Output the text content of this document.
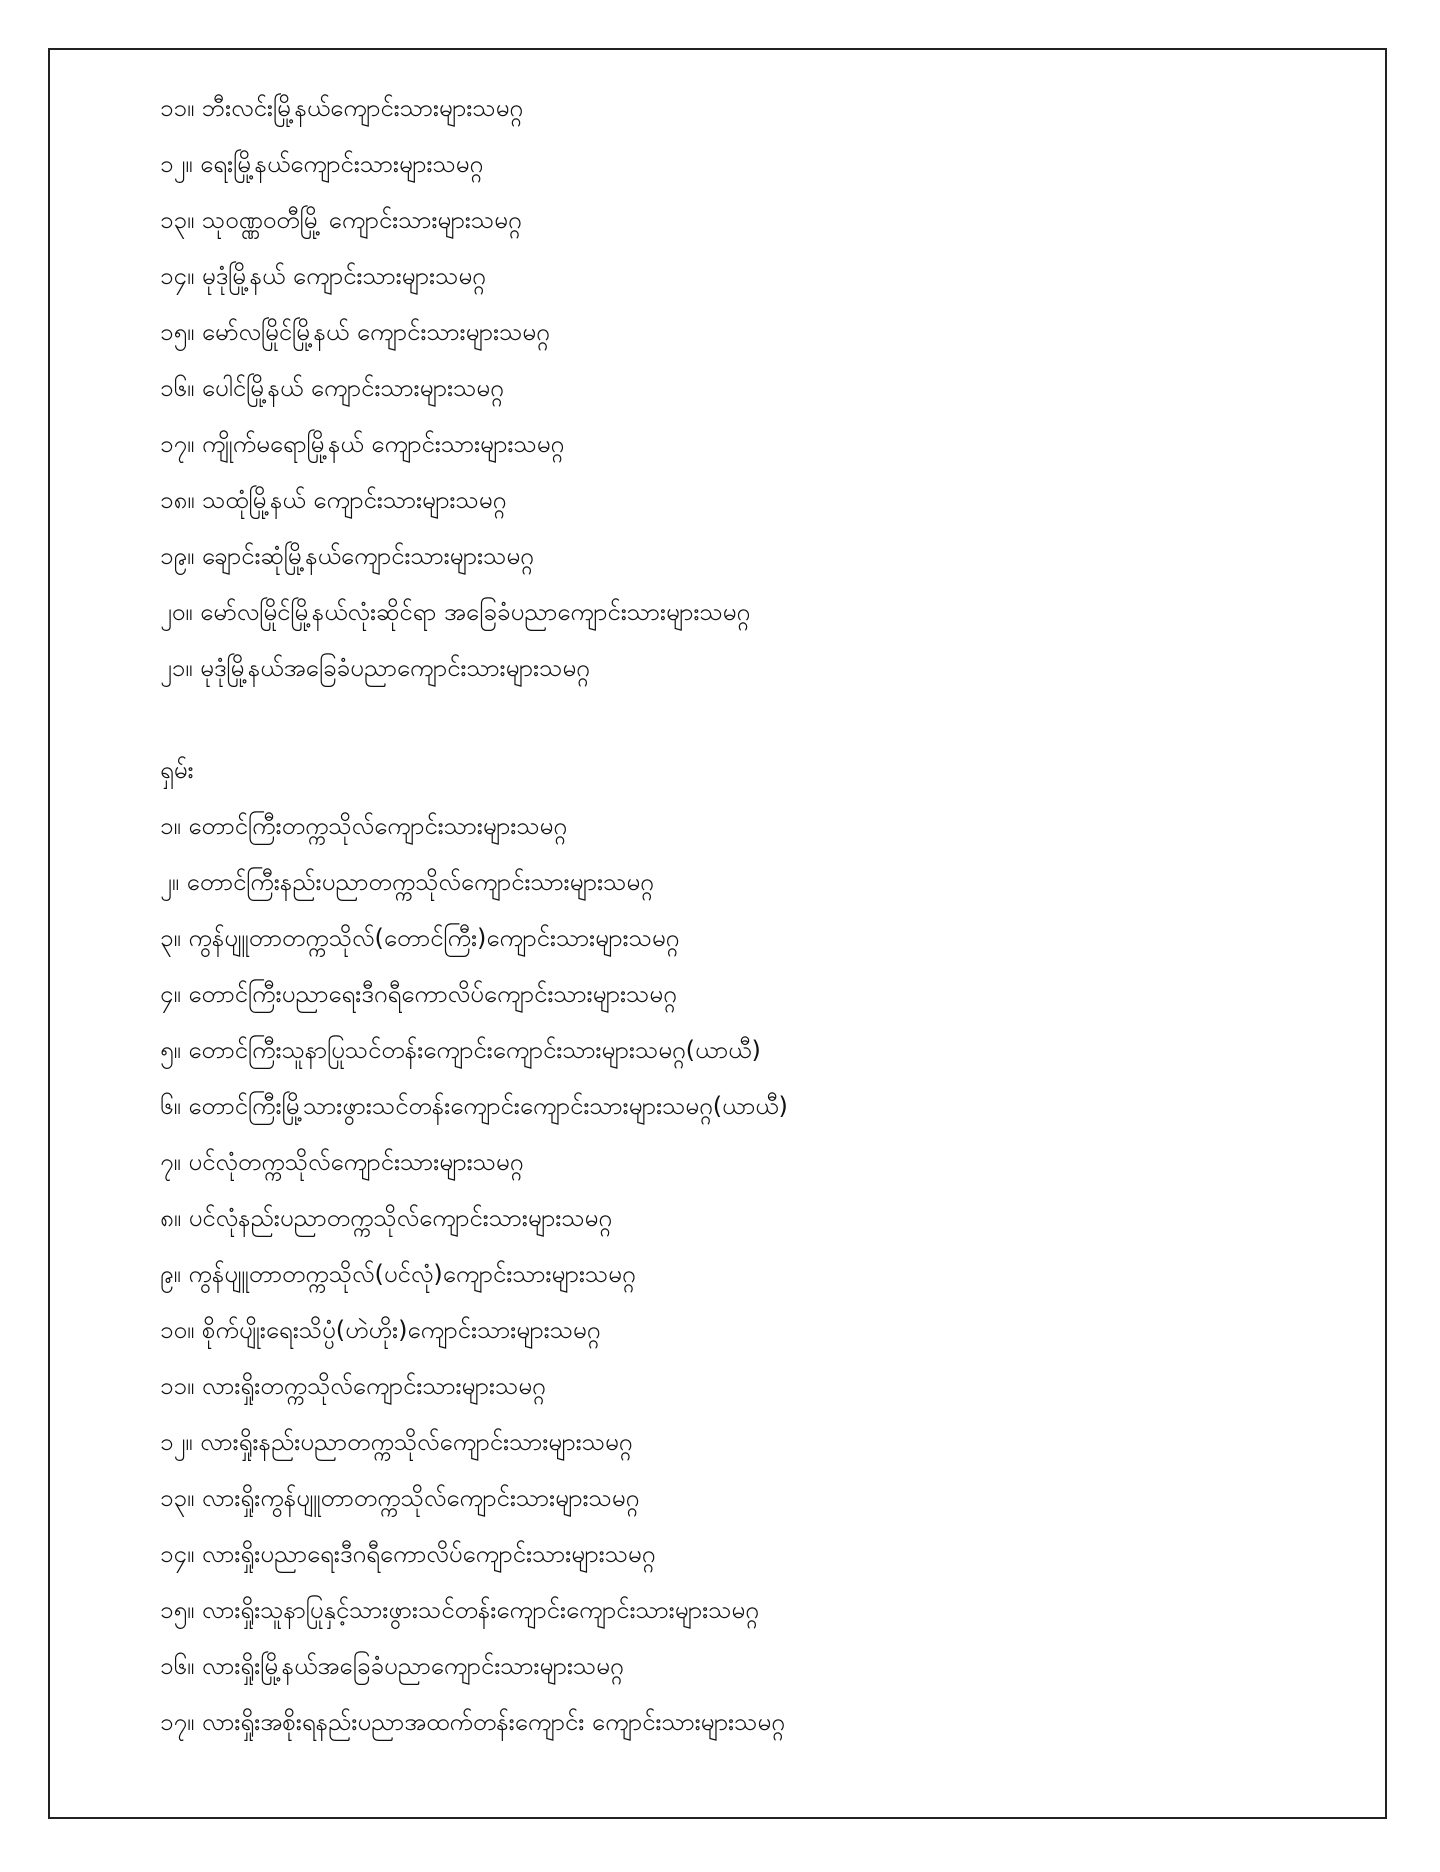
၁၁။ ဘီးလင်းမြို့နယ်ကျောင်းသားများသမဂ္ဂ
၁၂။ ရေးမြို့နယ်ကျောင်းသားများသမဂ္ဂ
၁၃။ သုဝဏ္ဏဝတီမြို့ ကျောင်းသားများသမဂ္ဂ
၁၄။ မုဒုံမြို့နယ် ကျောင်းသားများသမဂ္ဂ
၁၅။ မော်လမြိုင်မြို့နယ် ကျောင်းသားများသမဂ္ဂ
၁၆။ ပေါင်မြို့နယ် ကျောင်းသားများသမဂ္ဂ
၁၇။ ကျိုက်မရောမြို့နယ် ကျောင်းသားများသမဂ္ဂ
၁၈။ သထုံမြို့နယ် ကျောင်းသားများသမဂ္ဂ
၁၉။ ချောင်းဆုံမြို့နယ်ကျောင်းသားများသမဂ္ဂ
၂၀။ မော်လမြိုင်မြို့နယ်လုံးဆိုင်ရာ အခြေခံပညာကျောင်းသားများသမဂ္ဂ
၂၁။ မုဒုံမြို့နယ်အခြေခံပညာကျောင်းသားများသမဂ္ဂ
ရှမ်း
၁။ တောင်ကြီးတက္ကသိုလ်ကျောင်းသားများသမဂ္ဂ
၂။ တောင်ကြီးနည်းပညာတက္ကသိုလ်ကျောင်းသားများသမဂ္ဂ
၃။ ကွန်ပျူတာတက္ကသိုလ်(တောင်ကြီး)ကျောင်းသားများသမဂ္ဂ
၄။ တောင်ကြီးပညာရေးဒီဂရီကောလိပ်ကျောင်းသားများသမဂ္ဂ
၅။ တောင်ကြီးသူနာပြုသင်တန်းကျောင်းကျောင်းသားများသမဂ္ဂ(ယာယီ)
၆။ တောင်ကြီးမြို့သားဖွားသင်တန်းကျောင်းကျောင်းသားများသမဂ္ဂ(ယာယီ)
၇။ ပင်လုံတက္ကသိုလ်ကျောင်းသားများသမဂ္ဂ
၈။ ပင်လုံနည်းပညာတက္ကသိုလ်ကျောင်းသားများသမဂ္ဂ
၉။ ကွန်ပျူတာတက္ကသိုလ်(ပင်လုံ)ကျောင်းသားများသမဂ္ဂ
၁၀။ စိုက်ပျိုးရေးသိပ္ပံ(ဟဲဟိုး)ကျောင်းသားများသမဂ္ဂ
၁၁။ လားရှိုးတက္ကသိုလ်ကျောင်းသားများသမဂ္ဂ
၁၂။ လားရှိုးနည်းပညာတက္ကသိုလ်ကျောင်းသားများသမဂ္ဂ
၁၃။ လားရှိုးကွန်ပျူတာတက္ကသိုလ်ကျောင်းသားများသမဂ္ဂ
၁၄။ လားရှိုးပညာရေးဒီဂရီကောလိပ်ကျောင်းသားများသမဂ္ဂ
၁၅။ လားရှိုးသူနာပြုနှင့်သားဖွားသင်တန်းကျောင်းကျောင်းသားများသမဂ္ဂ
၁၆။ လားရှိုးမြို့နယ်အခြေခံပညာကျောင်းသားများသမဂ္ဂ
၁၇။ လားရှိုးအစိုးရနည်းပညာအထက်တန်းကျောင်း ကျောင်းသားများသမဂ္ဂ
